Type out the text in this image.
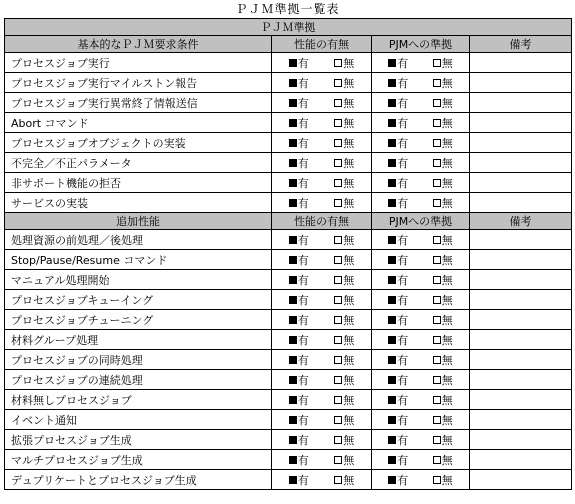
ＰＪＭ準拠一覧表
ＰＪＭ準拠			
基本的なＰＪＭ要求条件	性能の有無	PJMへの準拠	備考
プロセスジョブ実行	有 無	有 無	

プロセスジョブ実行マイルストン報告	有 無	有 無	

プロセスジョブ実行異常終了情報送信	有 無	有 無	

Abort コマンド	有 無	有 無	

プロセスジョブオブジェクトの実装	有 無	有 無	

不完全／不正パラメータ	有 無	有 無	

非サポート機能の拒否	有 無	有 無	

サービスの実装	有 無	有 無	

追加性能	性能の有無	PJMへの準拠	備考
処理資源の前処理／後処理	有 無	有 無	

Stop/Pause/Resume コマンド	有 無	有 無	

マニュアル処理開始	有 無	有 無	

プロセスジョブキューイング	有 無	有 無	

プロセスジョブチューニング	有 無	有 無	

材料グループ処理	有 無	有 無	

プロセスジョブの同時処理	有 無	有 無	

プロセスジョブの連続処理	有 無	有 無	

材料無しプロセスジョブ	有 無	有 無	

イベント通知	有 無	有 無	

拡張プロセスジョブ生成	有 無	有 無	

マルチプロセスジョブ生成	有 無	有 無	

デュプリケートとプロセスジョブ生成	有 無	有 無	
